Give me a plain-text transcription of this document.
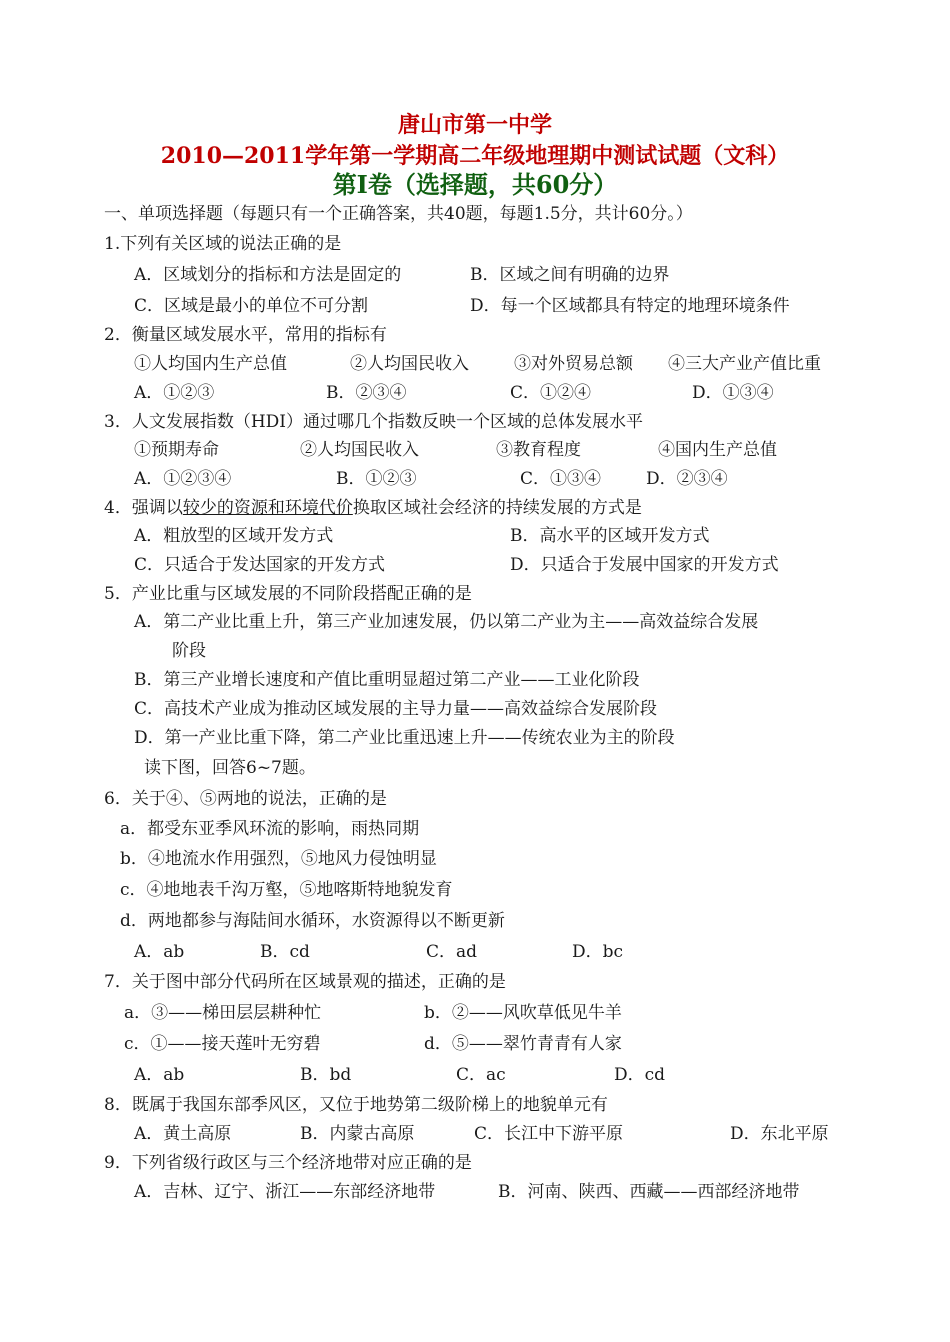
唐山市第一中学
2010—2011学年第一学期高二年级地理期中测试试题（文科）
第Ⅰ卷（选择题，共60分）
一、单项选择题（每题只有一个正确答案，共40题，每题1.5分，共计60分。）
1.下列有关区域的说法正确的是
A．区域划分的指标和方法是固定的	B．区域之间有明确的边界
C．区域是最小的单位不可分割	D．每一个区域都具有特定的地理环境条件
2．衡量区域发展水平，常用的指标有
①人均国内生产总值	②人均国民收入	③对外贸易总额 ④三大产业产值比重
A．①②③	B．②③④	C．①②④	D．①③④
3．人文发展指数（HDI）通过哪几个指数反映一个区域的总体发展水平
①预期寿命	②人均国民收入	③教育程度	④国内生产总值
A．①②③④	B．①②③	C．①③④	D．②③④
4．强调以较少的资源和环境代价换取区域社会经济的持续发展的方式是
A．粗放型的区域开发方式	B．高水平的区域开发方式
C．只适合于发达国家的开发方式	D．只适合于发展中国家的开发方式
5．产业比重与区域发展的不同阶段搭配正确的是
A．第二产业比重上升，第三产业加速发展，仍以第二产业为主——高效益综合发展
阶段
B．第三产业增长速度和产值比重明显超过第二产业——工业化阶段
C．高技术产业成为推动区域发展的主导力量——高效益综合发展阶段
D．第一产业比重下降，第二产业比重迅速上升——传统农业为主的阶段
读下图，回答6~7题。
6．关于④、⑤两地的说法，正确的是
a．都受东亚季风环流的影响，雨热同期
b．④地流水作用强烈，⑤地风力侵蚀明显
c．④地地表千沟万壑，⑤地喀斯特地貌发育
d．两地都参与海陆间水循环，水资源得以不断更新
A．ab	B．cd	C．ad	D．bc
7．关于图中部分代码所在区域景观的描述，正确的是
a．③——梯田层层耕种忙	b．②——风吹草低见牛羊
c．①——接天莲叶无穷碧	d．⑤——翠竹青青有人家
A．ab	B．bd	C．ac	D．cd
8．既属于我国东部季风区，又位于地势第二级阶梯上的地貌单元有
A．黄土高原	B．内蒙古高原	C．长江中下游平原	D．东北平原
9．下列省级行政区与三个经济地带对应正确的是
A．吉林、辽宁、浙江——东部经济地带	B．河南、陕西、西藏——西部经济地带
